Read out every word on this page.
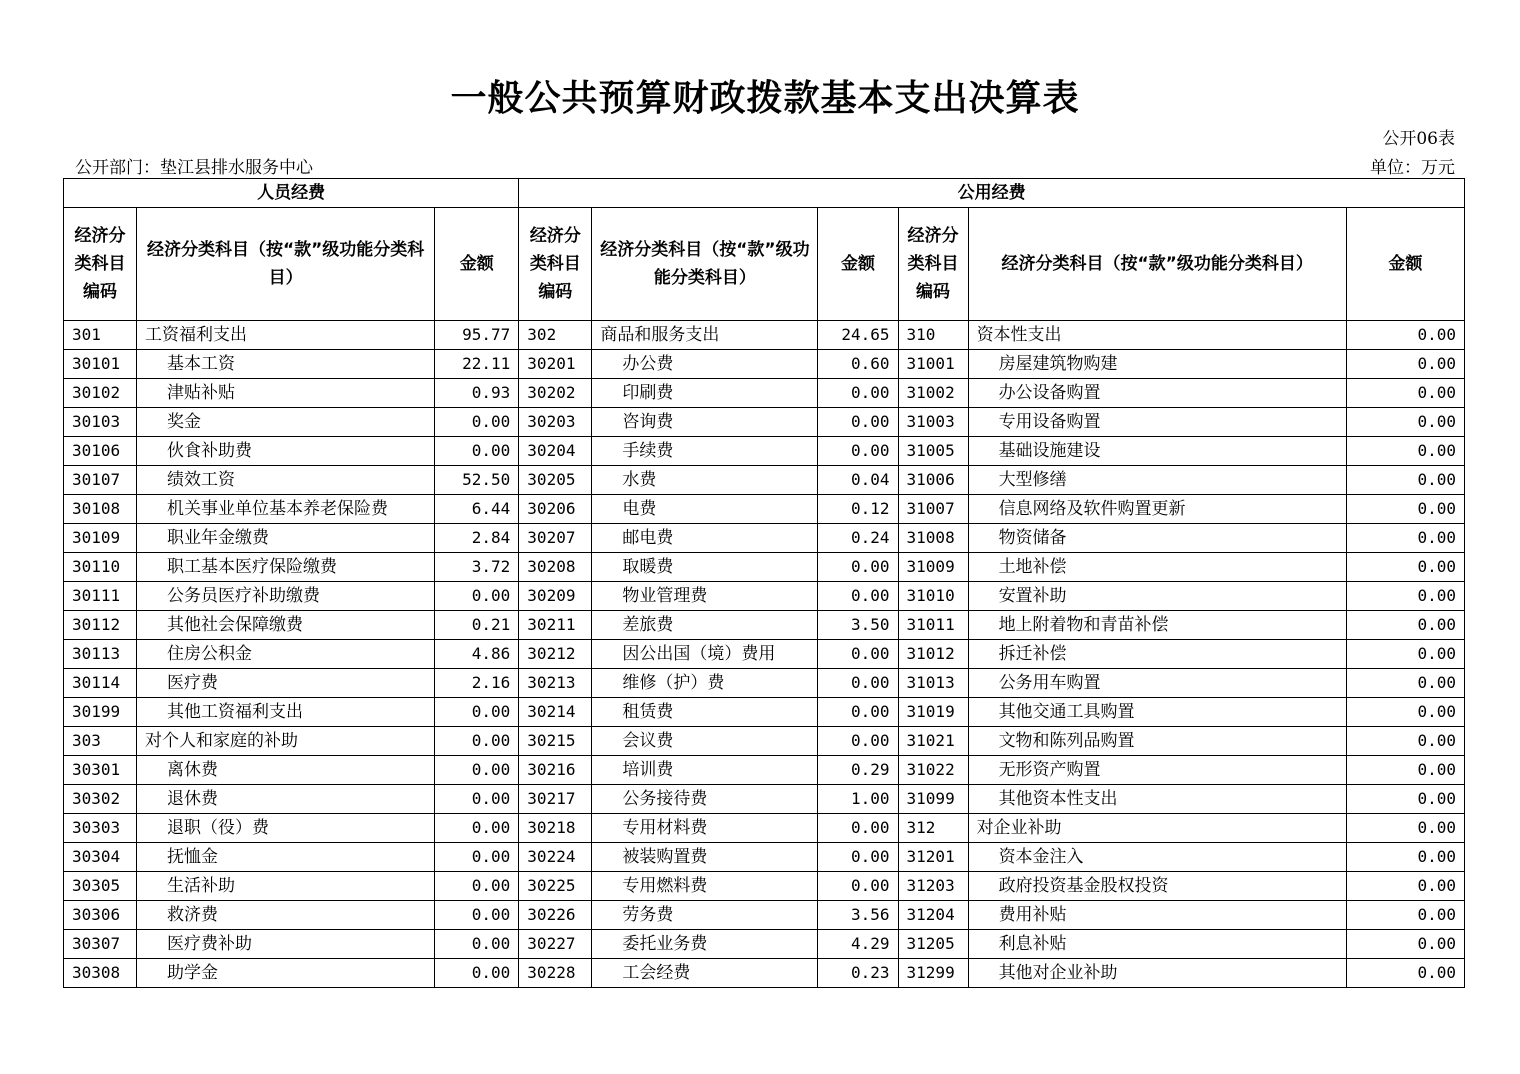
一般公共预算财政拨款基本支出决算表
公开06表
公开部门：垫江县排水服务中心	单位：万元
人员经费			公用经费					
经济分类科目编码	经济分类科目（按“款”级功能分类科目）	金额	经济分类科目编码	经济分类科目（按“款”级功能分类科目）	金额	经济分类科目编码	经济分类科目（按“款”级功能分类科目）	金额
301	工资福利支出	95.77	302	商品和服务支出	24.65	310	资本性支出	0.00
30101	基本工资	22.11	30201	办公费	0.60	31001	房屋建筑物购建	0.00
30102	津贴补贴	0.93	30202	印刷费	0.00	31002	办公设备购置	0.00
30103	奖金	0.00	30203	咨询费	0.00	31003	专用设备购置	0.00
30106	伙食补助费	0.00	30204	手续费	0.00	31005	基础设施建设	0.00
30107	绩效工资	52.50	30205	水费	0.04	31006	大型修缮	0.00
30108	机关事业单位基本养老保险费	6.44	30206	电费	0.12	31007	信息网络及软件购置更新	0.00
30109	职业年金缴费	2.84	30207	邮电费	0.24	31008	物资储备	0.00
30110	职工基本医疗保险缴费	3.72	30208	取暖费	0.00	31009	土地补偿	0.00
30111	公务员医疗补助缴费	0.00	30209	物业管理费	0.00	31010	安置补助	0.00
30112	其他社会保障缴费	0.21	30211	差旅费	3.50	31011	地上附着物和青苗补偿	0.00
30113	住房公积金	4.86	30212	因公出国（境）费用	0.00	31012	拆迁补偿	0.00
30114	医疗费	2.16	30213	维修（护）费	0.00	31013	公务用车购置	0.00
30199	其他工资福利支出	0.00	30214	租赁费	0.00	31019	其他交通工具购置	0.00
303	对个人和家庭的补助	0.00	30215	会议费	0.00	31021	文物和陈列品购置	0.00
30301	离休费	0.00	30216	培训费	0.29	31022	无形资产购置	0.00
30302	退休费	0.00	30217	公务接待费	1.00	31099	其他资本性支出	0.00
30303	退职（役）费	0.00	30218	专用材料费	0.00	312	对企业补助	0.00
30304	抚恤金	0.00	30224	被装购置费	0.00	31201	资本金注入	0.00
30305	生活补助	0.00	30225	专用燃料费	0.00	31203	政府投资基金股权投资	0.00
30306	救济费	0.00	30226	劳务费	3.56	31204	费用补贴	0.00
30307	医疗费补助	0.00	30227	委托业务费	4.29	31205	利息补贴	0.00
30308	助学金	0.00	30228	工会经费	0.23	31299	其他对企业补助	0.00
